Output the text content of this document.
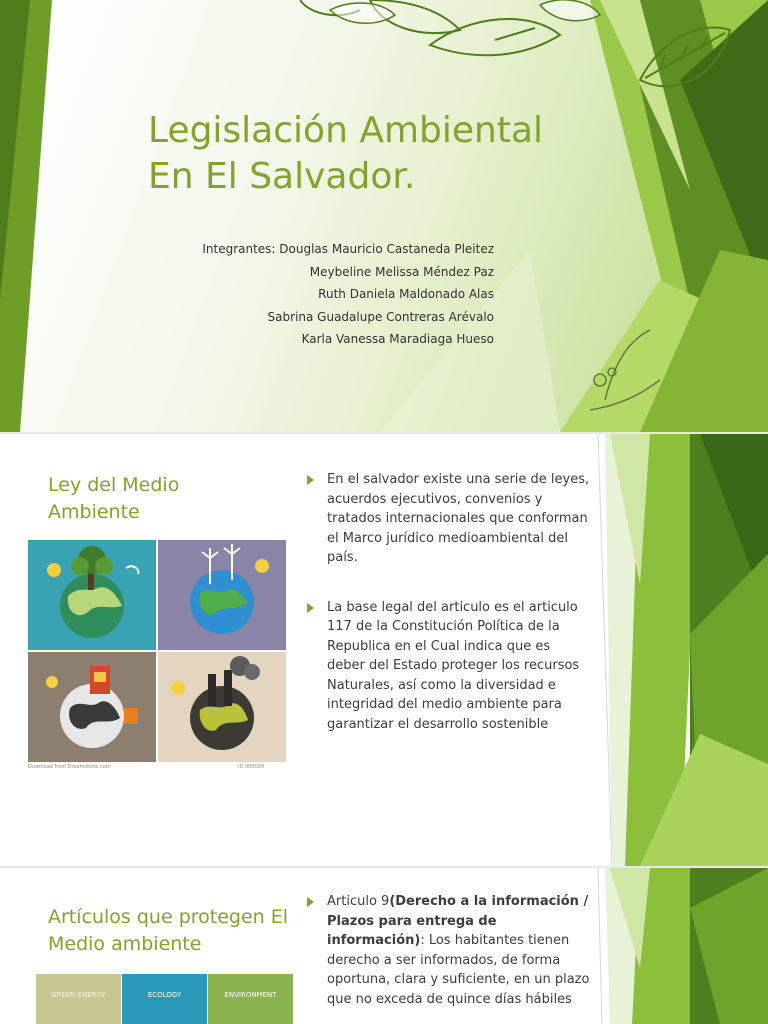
Legislación Ambiental En El Salvador.
Integrantes: Douglas Mauricio Castaneda Pleitez
Meybeline Melissa Méndez Paz
Ruth Daniela Maldonado Alas
Sabrina Guadalupe Contreras Arévalo
Karla Vanessa Maradiaga Hueso
Download from Dreamstime.com	ID 000000
Ley del Medio Ambiente
En el salvador existe una serie de leyes, acuerdos ejecutivos, convenios y tratados internacionales que conforman el Marco jurídico medioambiental del país.
La base legal del articulo es el articulo 117 de la Constitución Política de la Republica en el Cual indica que es deber del Estado proteger los recursos Naturales, así como la diversidad e integridad del medio ambiente para garantizar el desarrollo sostenible
Artículos que protegen El Medio ambiente
Articulo 9(Derecho a la información / Plazos para entrega de información): Los habitantes tienen derecho a ser informados, de forma oportuna, clara y suficiente, en un plazo que no exceda de quince días hábiles
GREEN ENERGY	ECOLOGY	ENVIRONMENT
